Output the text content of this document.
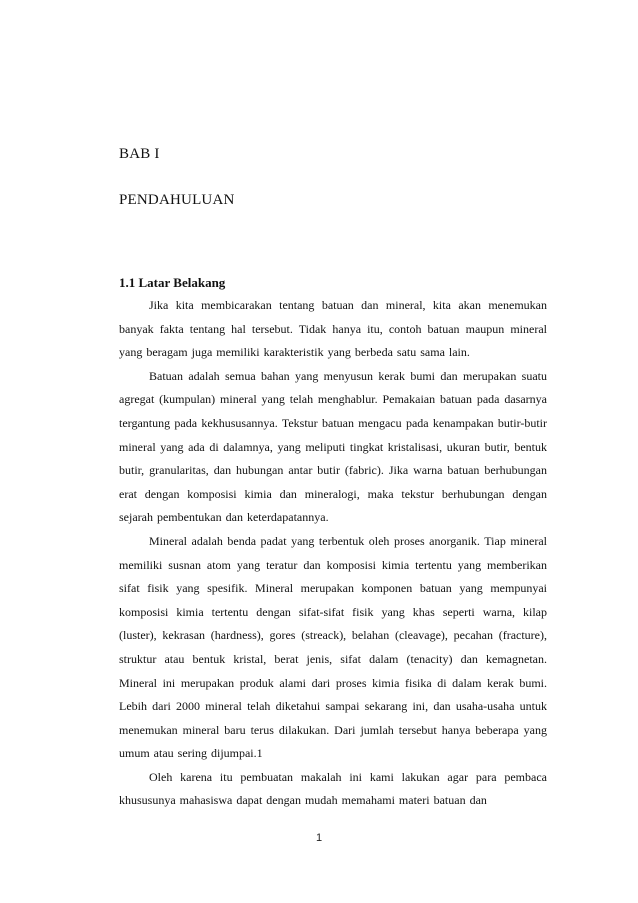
BAB I
PENDAHULUAN

1.1 Latar Belakang

Jika kita membicarakan tentang batuan dan mineral, kita akan menemukan banyak fakta tentang hal tersebut. Tidak hanya itu, contoh batuan maupun mineral yang beragam juga memiliki karakteristik yang berbeda satu sama lain.

Batuan adalah semua bahan yang menyusun kerak bumi dan merupakan suatu agregat (kumpulan) mineral yang telah menghablur. Pemakaian batuan pada dasarnya tergantung pada kekhususannya. Tekstur batuan mengacu pada kenampakan butir-butir mineral yang ada di dalamnya, yang meliputi tingkat kristalisasi, ukuran butir, bentuk butir, granularitas, dan hubungan antar butir (fabric). Jika warna batuan berhubungan erat dengan komposisi kimia dan mineralogi, maka tekstur berhubungan dengan sejarah pembentukan dan keterdapatannya.

Mineral adalah benda padat yang terbentuk oleh proses anorganik. Tiap mineral memiliki susnan atom yang teratur dan komposisi kimia tertentu yang memberikan sifat fisik yang spesifik. Mineral merupakan komponen batuan yang mempunyai komposisi kimia tertentu dengan sifat-sifat fisik yang khas seperti warna, kilap (luster), kekrasan (hardness), gores (streack), belahan (cleavage), pecahan (fracture), struktur atau bentuk kristal, berat jenis, sifat dalam (tenacity) dan kemagnetan. Mineral ini merupakan produk alami dari proses kimia fisika di dalam kerak bumi. Lebih dari 2000 mineral telah diketahui sampai sekarang ini, dan usaha-usaha untuk menemukan mineral baru terus dilakukan. Dari jumlah tersebut hanya beberapa yang umum atau sering dijumpai.1

Oleh karena itu pembuatan makalah ini kami lakukan agar para pembaca khususunya mahasiswa dapat dengan mudah memahami materi batuan dan

1
